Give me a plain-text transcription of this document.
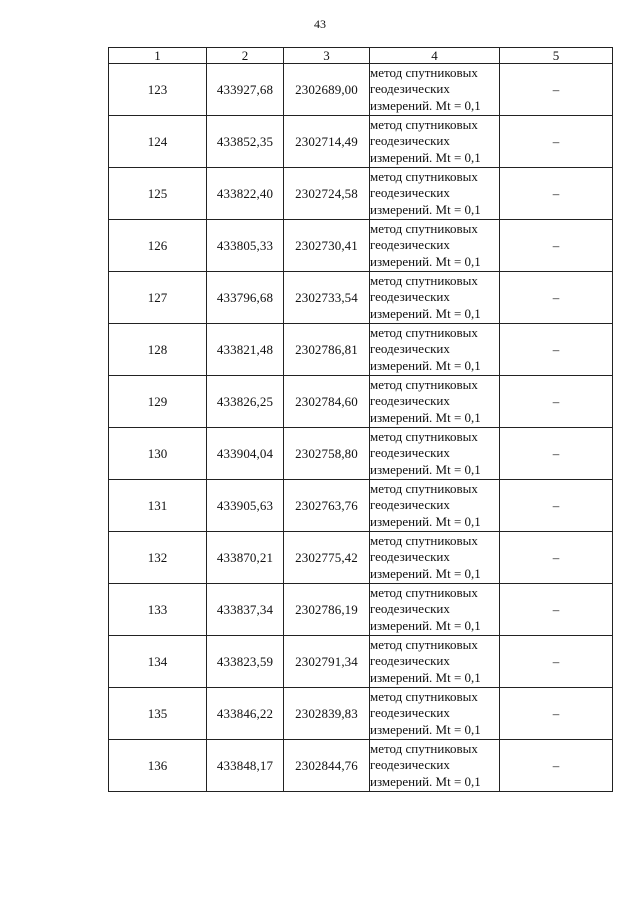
43
1	2	3	4	5
123	433927,68	2302689,00	метод спутниковых
геодезических
измерений. Mt = 0,1	–
124	433852,35	2302714,49	метод спутниковых
геодезических
измерений. Mt = 0,1	–
125	433822,40	2302724,58	метод спутниковых
геодезических
измерений. Mt = 0,1	–
126	433805,33	2302730,41	метод спутниковых
геодезических
измерений. Mt = 0,1	–
127	433796,68	2302733,54	метод спутниковых
геодезических
измерений. Mt = 0,1	–
128	433821,48	2302786,81	метод спутниковых
геодезических
измерений. Mt = 0,1	–
129	433826,25	2302784,60	метод спутниковых
геодезических
измерений. Mt = 0,1	–
130	433904,04	2302758,80	метод спутниковых
геодезических
измерений. Mt = 0,1	–
131	433905,63	2302763,76	метод спутниковых
геодезических
измерений. Mt = 0,1	–
132	433870,21	2302775,42	метод спутниковых
геодезических
измерений. Mt = 0,1	–
133	433837,34	2302786,19	метод спутниковых
геодезических
измерений. Mt = 0,1	–
134	433823,59	2302791,34	метод спутниковых
геодезических
измерений. Mt = 0,1	–
135	433846,22	2302839,83	метод спутниковых
геодезических
измерений. Mt = 0,1	–
136	433848,17	2302844,76	метод спутниковых
геодезических
измерений. Mt = 0,1	–
